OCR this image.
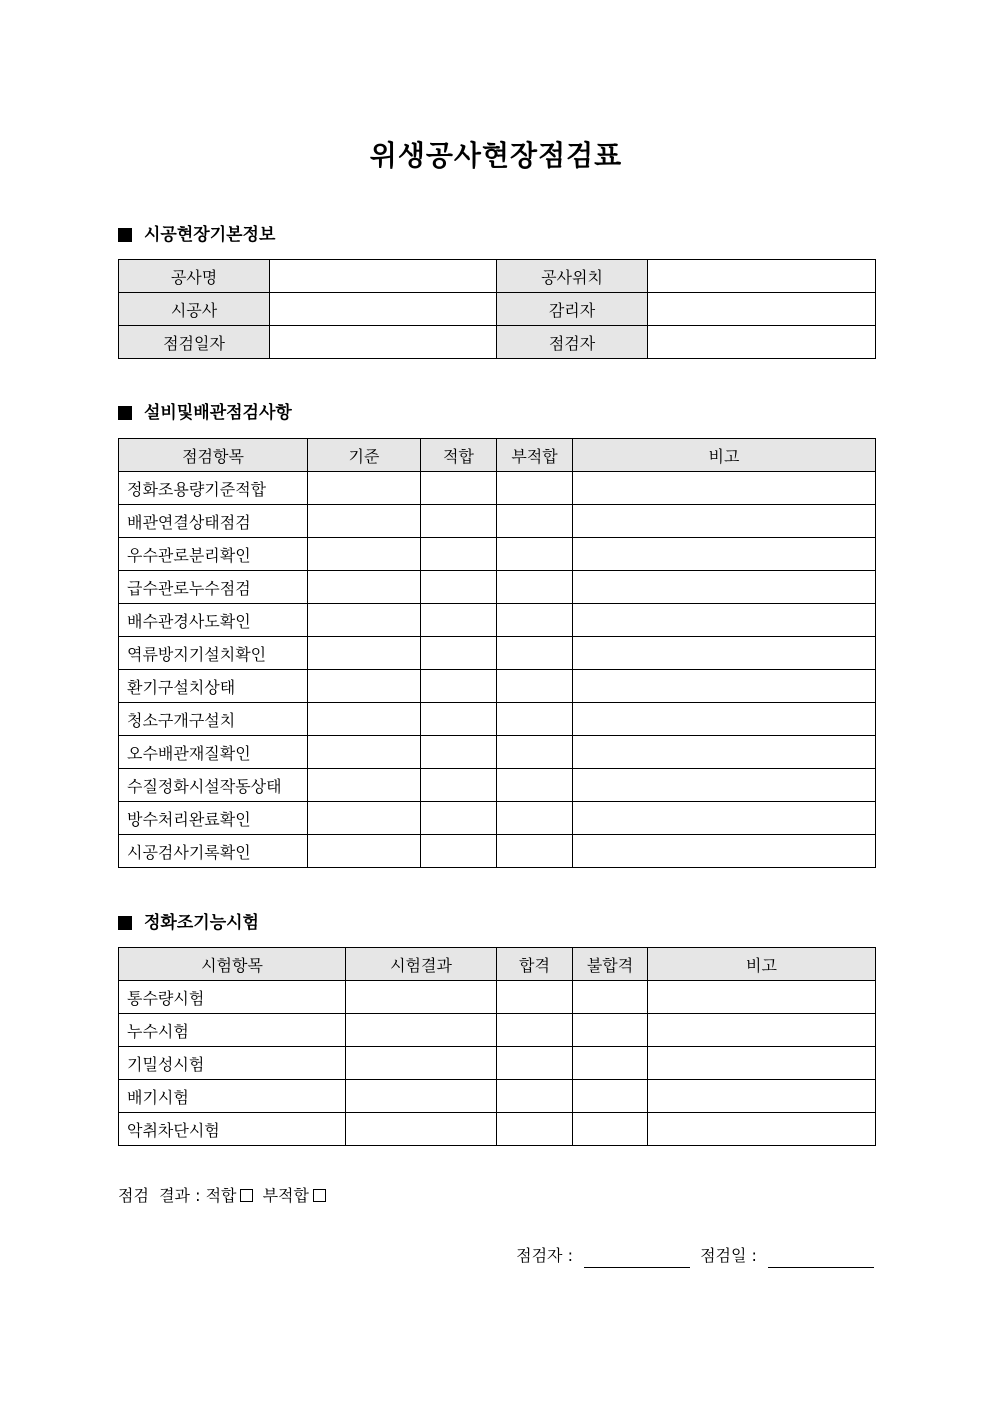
위생공사현장점검표
시공현장기본정보
공사명		공사위치	
시공사		감리자	
점검일자		점검자	
설비및배관점검사항
점검항목	기준	적합	부적합	비고
정화조용량기준적합				
배관연결상태점검				
우수관로분리확인				
급수관로누수점검				
배수관경사도확인				
역류방지기설치확인				
환기구설치상태				
청소구개구설치				
오수배관재질확인				
수질정화시설작동상태				
방수처리완료확인				
시공검사기록확인				
정화조기능시험
시험항목	시험결과	합격	불합격	비고
통수량시험				
누수시험				
기밀성시험				
배기시험				
악취차단시험				
점검  결과 : 적합 부적합
점검자 :	점검일 :
